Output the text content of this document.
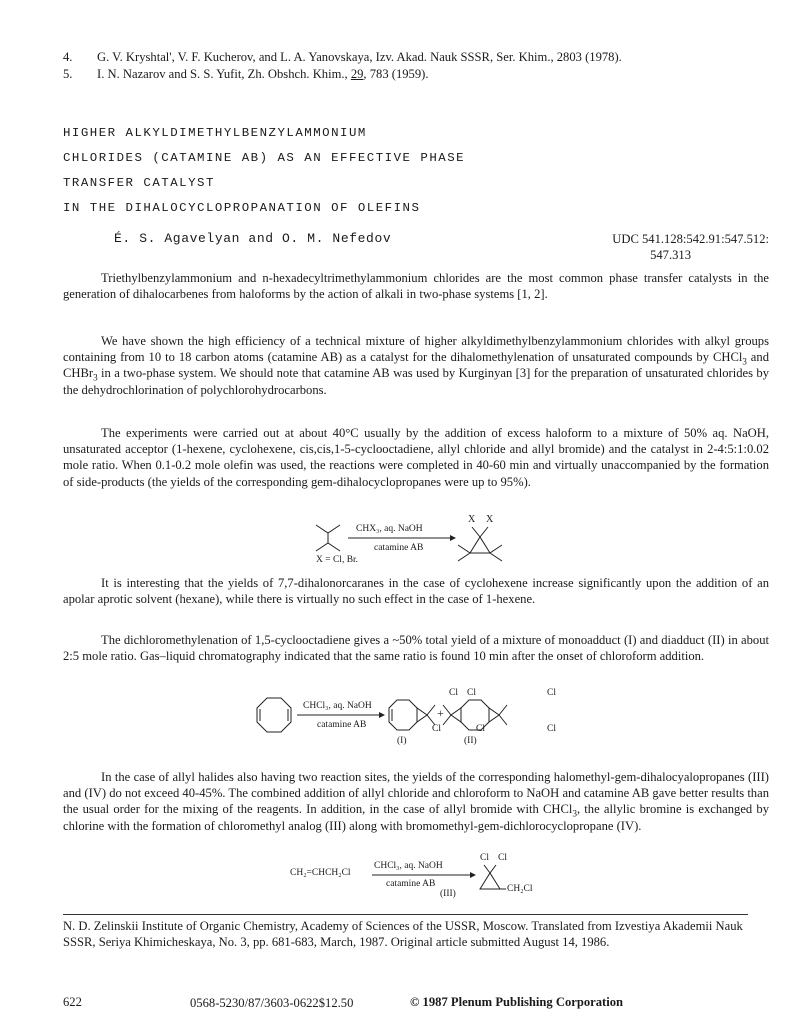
4. G. V. Kryshtal', V. F. Kucherov, and L. A. Yanovskaya, Izv. Akad. Nauk SSSR, Ser. Khim., 2803 (1978).
5. I. N. Nazarov and S. S. Yufit, Zh. Obshch. Khim., 29, 783 (1959).
HIGHER ALKYLDIMETHYLBENZYLAMMONIUM
CHLORIDES (CATAMINE AB) AS AN EFFECTIVE PHASE
TRANSFER CATALYST
IN THE DIHALOCYCLOPROPANATION OF OLEFINS
É. S. Agavelyan and O. M. Nefedov	UDC 541.128:542.91:547.512:
547.313
Triethylbenzylammonium and n-hexadecyltrimethylammonium chlorides are the most common phase transfer catalysts in the generation of dihalocarbenes from haloforms by the action of alkali in two-phase systems [1, 2].
We have shown the high efficiency of a technical mixture of higher alkyldimethylbenzylammonium chlorides with alkyl groups containing from 10 to 18 carbon atoms (catamine AB) as a catalyst for the dihalomethylenation of unsaturated compounds by CHCl$_3$ and CHBr$_3$ in a two-phase system. We should note that catamine AB was used by Kurginyan [3] for the preparation of unsaturated chlorides by the dehydrochlorination of polychlorohydrocarbons.
The experiments were carried out at about 40°C usually by the addition of excess haloform to a mixture of 50% aq. NaOH, unsaturated acceptor (1-hexene, cyclohexene, cis,cis,1-5-cyclooctadiene, allyl chloride and allyl bromide) and the catalyst in 2-4:5:1:0.02 mole ratio. When 0.1-0.2 mole olefin was used, the reactions were completed in 40-60 min and virtually unaccompanied by the formation of side-products (the yields of the corresponding gem-dihalocyclopropanes were up to 95%).
CHX₃, aq. NaOH
catamine AB
X X
X = Cl, Br.
It is interesting that the yields of 7,7-dihalonorcaranes in the case of cyclohexene increase significantly upon the addition of an apolar aprotic solvent (hexane), while there is virtually no such effect in the case of 1-hexene.
The dichloromethylenation of 1,5-cyclooctadiene gives a ~50% total yield of a mixture of monoadduct (I) and diadduct (II) in about 2:5 mole ratio. Gas–liquid chromatography indicated that the same ratio is found 10 min after the onset of chloroform addition.
CHCl₃, aq. NaOH
catamine AB
Cl Cl
+
Cl
Cl
Cl
Cl
(I)	(II)
In the case of allyl halides also having two reaction sites, the yields of the corresponding halomethyl-gem-dihalocyalopropanes (III) and (IV) do not exceed 40-45%. The combined addition of allyl chloride and chloroform to NaOH and catamine AB gave better results than the usual order for the mixing of the reagents. In addition, in the case of allyl bromide with CHCl$_3$, the allylic bromine is exchanged by chlorine with the formation of chloromethyl analog (III) along with bromomethyl-gem-dichlorocyclopropane (IV).
CH₂=CHCH₂Cl
CHCl₃, aq. NaOH
catamine AB
Cl Cl
(III)	CH₂Cl
N. D. Zelinskii Institute of Organic Chemistry, Academy of Sciences of the USSR, Moscow. Translated from Izvestiya Akademii Nauk SSSR, Seriya Khimicheskaya, No. 3, pp. 681-683, March, 1987. Original article submitted August 14, 1986.
622	0568-5230/87/3603-0622$12.50	© 1987 Plenum Publishing Corporation
